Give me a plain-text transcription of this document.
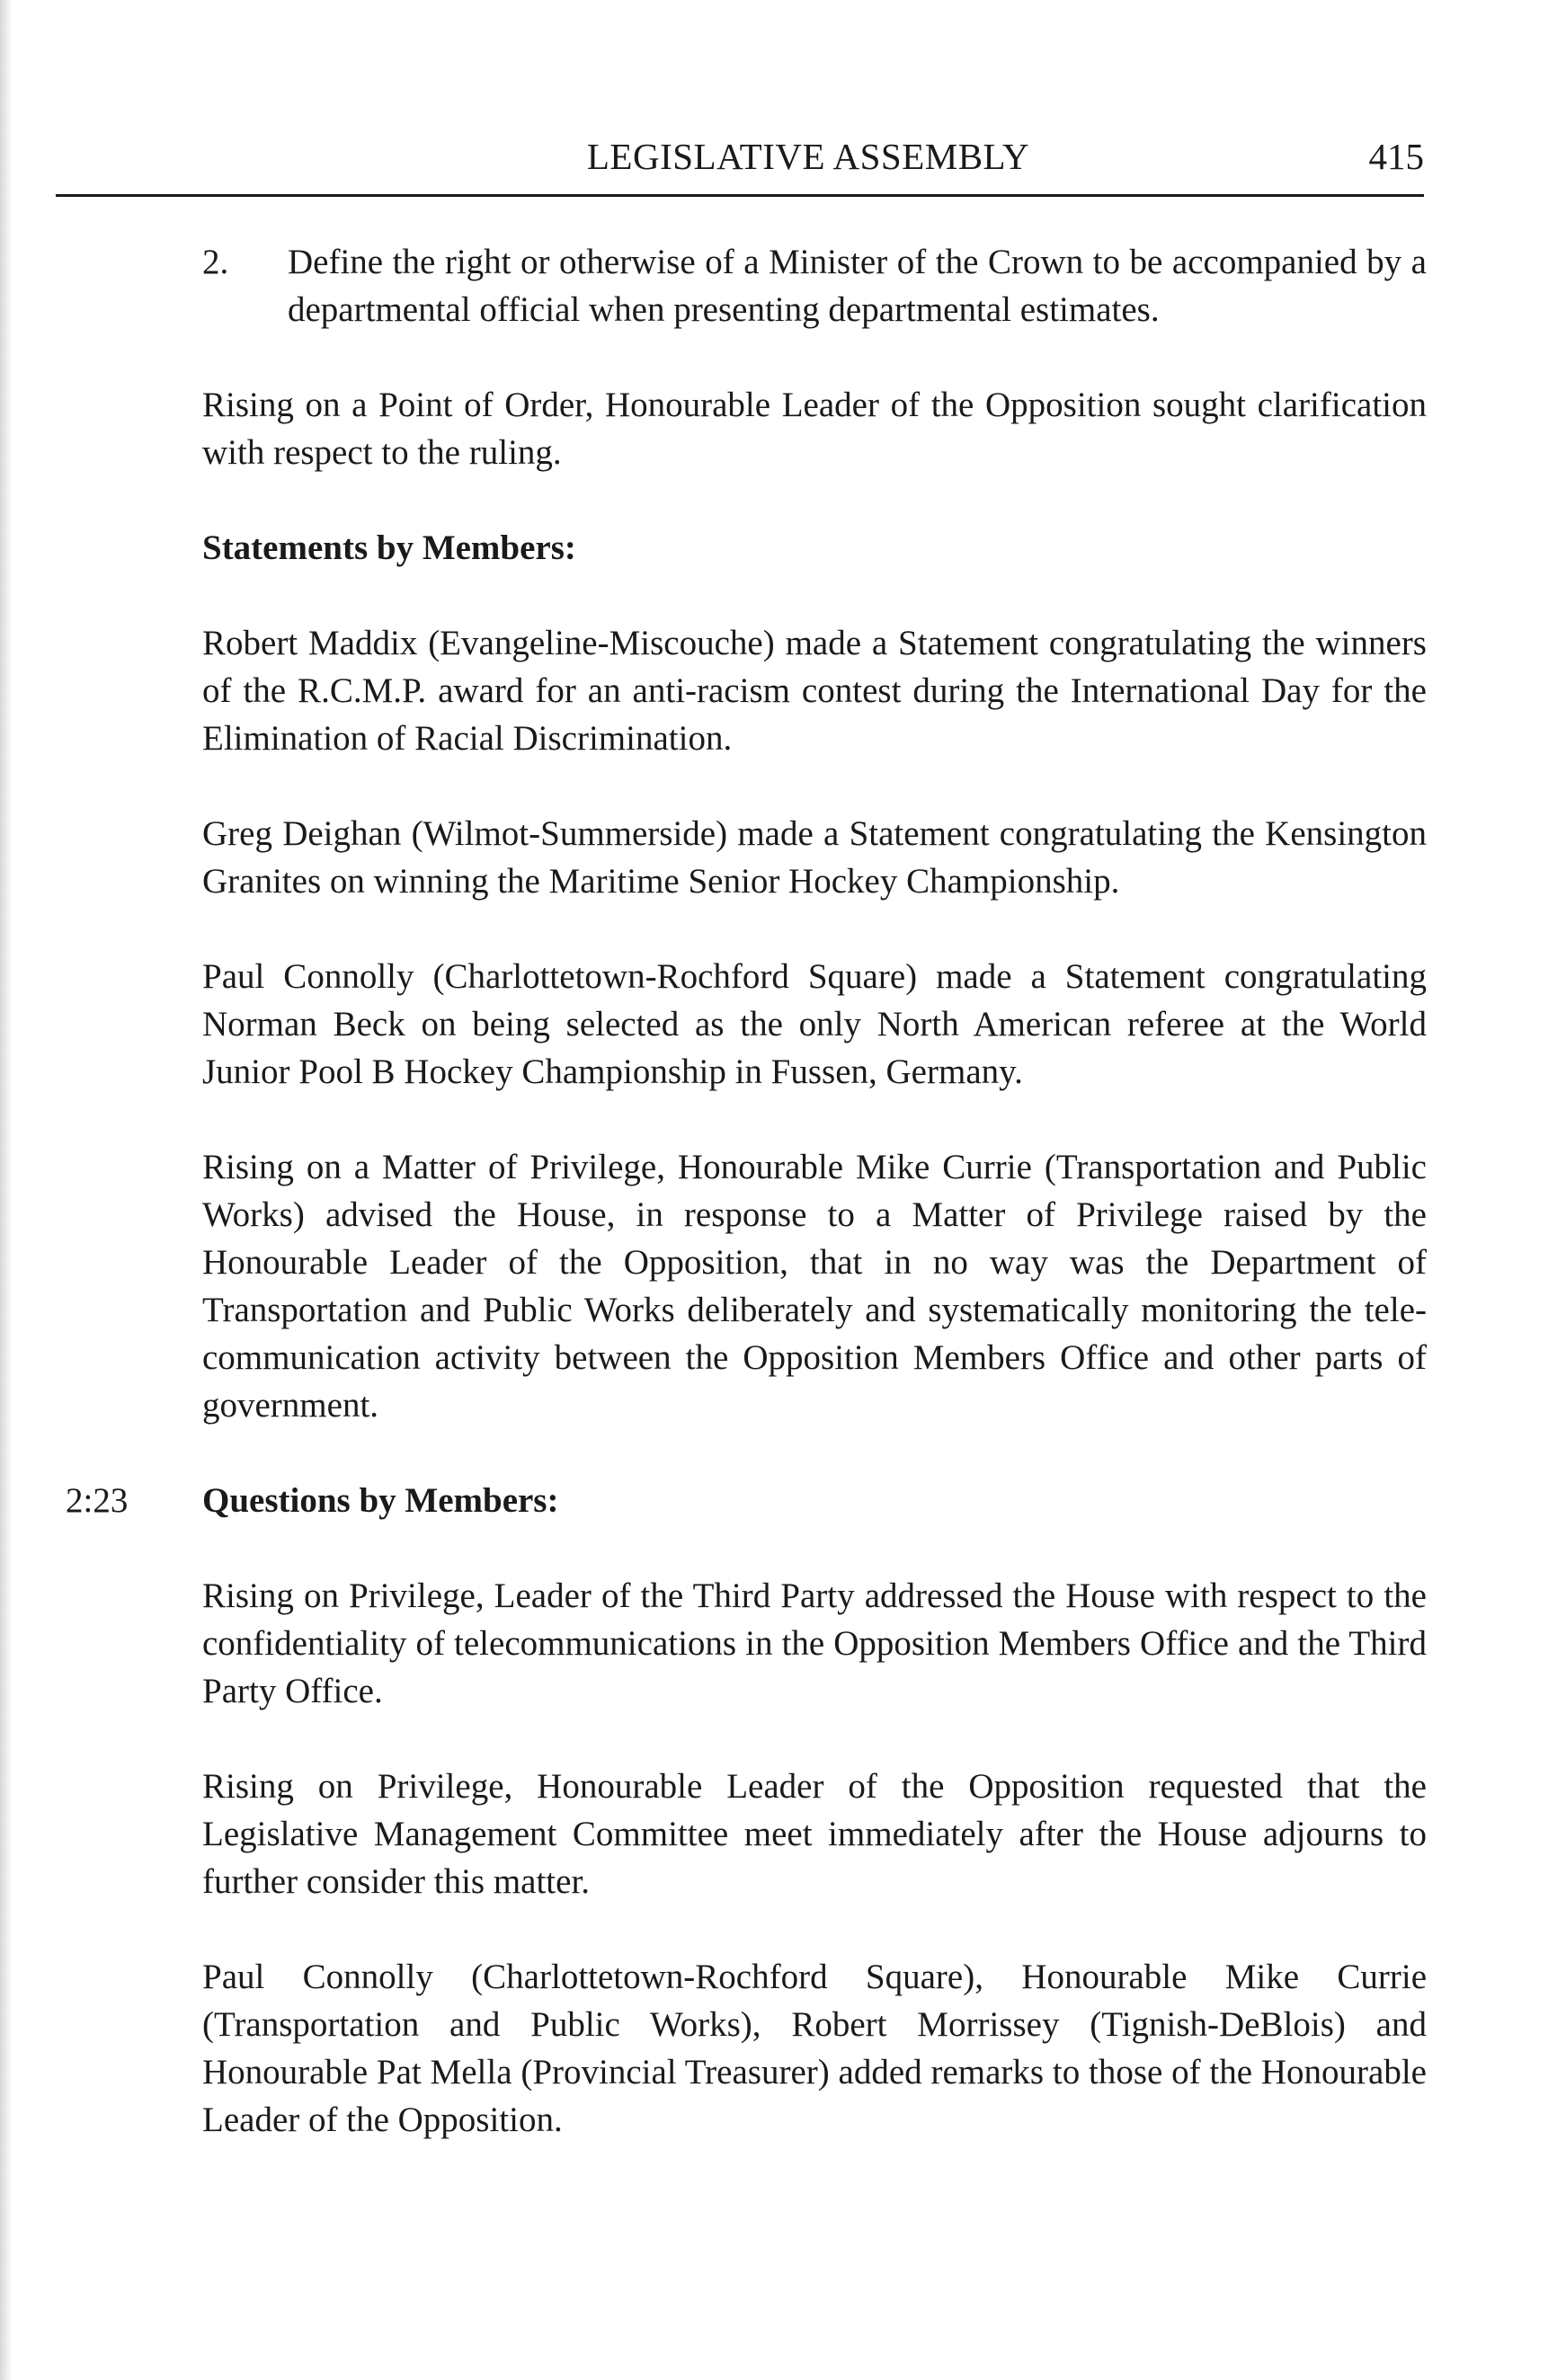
LEGISLATIVE ASSEMBLY	415
2.	Define the right or otherwise of a Minister of the Crown to be accompanied by a departmental official when presenting departmental estimates.

Rising on a Point of Order, Honourable Leader of the Opposition sought clarification with respect to the ruling.

Statements by Members:

Robert Maddix (Evangeline-Miscouche) made a Statement congratulating the winners of the R.C.M.P. award for an anti-racism contest during the International Day for the Elimination of Racial Discrimination.

Greg Deighan (Wilmot-Summerside) made a Statement congratulating the Kensington Granites on winning the Maritime Senior Hockey Championship.

Paul Connolly (Charlottetown-Rochford Square) made a Statement congratulating Norman Beck on being selected as the only North American referee at the World Junior Pool B Hockey Championship in Fussen, Germany.

Rising on a Matter of Privilege, Honourable Mike Currie (Transportation and Public Works) advised the House, in response to a Matter of Privilege raised by the Honourable Leader of the Opposition, that in no way was the Department of Transportation and Public Works deliberately and systematically monitoring the tele-communication activity between the Opposition Members Office and other parts of government.

2:23 Questions by Members:

Rising on Privilege, Leader of the Third Party addressed the House with respect to the confidentiality of telecommunications in the Opposition Members Office and the Third Party Office.

Rising on Privilege, Honourable Leader of the Opposition requested that the Legislative Management Committee meet immediately after the House adjourns to further consider this matter.

Paul Connolly (Charlottetown-Rochford Square), Honourable Mike Currie (Transportation and Public Works), Robert Morrissey (Tignish-DeBlois) and Honourable Pat Mella (Provincial Treasurer) added remarks to those of the Honourable Leader of the Opposition.
